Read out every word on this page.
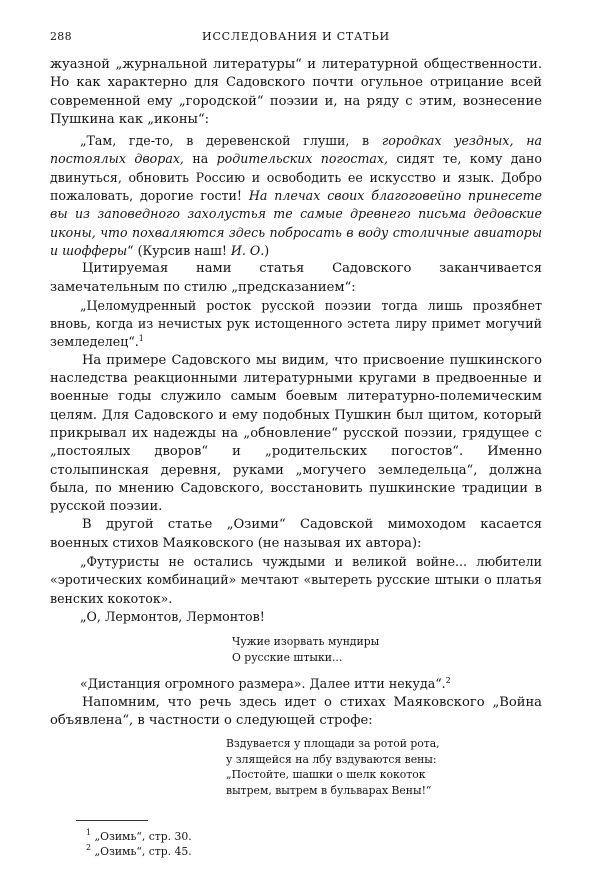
288	ИССЛЕДОВАНИЯ И СТАТЬИ

жуазной „журнальной литературы“ и литературной общественности. Но как характерно для Садовского почти огульное отрицание всей современной ему „городской“ поэзии и, на ряду с этим, вознесение Пушкина как „иконы“:

„Там, где-то, в деревенской глуши, в городках уездных, на постоялых дворах, на родительских погостах, сидят те, кому дано двинуться, обновить Россию и освободить ее искусство и язык. Добро пожаловать, дорогие гости! На плечах своих благоговейно принесете вы из заповедного захолустья те самые древнего письма дедовские иконы, что похваляются здесь побросать в воду столичные авиаторы и шофферы“ (Курсив наш! И. О.)

Цитируемая нами статья Садовского заканчивается замечательным по стилю „предсказанием“:

„Целомудренный росток русской поэзии тогда лишь прозябнет вновь, когда из нечистых рук истощенного эстета лиру примет могучий земледелец“.$^1$

На примере Садовского мы видим, что присвоение пушкинского наследства реакционными литературными кругами в предвоенные и военные годы служило самым боевым литературно-полемическим целям. Для Садовского и ему подобных Пушкин был щитом, который прикрывал их надежды на „обновление“ русской поэзии, грядущее с „постоялых дворов“ и „родительских погостов“. Именно столыпинская деревня, руками „могучего земледельца“, должна была, по мнению Садовского, восстановить пушкинские традиции в русской поэзии.

В другой статье „Озими“ Садовской мимоходом касается военных стихов Маяковского (не называя их автора):

„Футуристы не остались чуждыми и великой войне... любители «эротических комбинаций» мечтают «вытереть русские штыки о платья венских кокоток».

„О, Лермонтов, Лермонтов!

Чужие изорвать мундиры
О русские штыки...

«Дистанция огромного размера». Далее итти некуда“.$^2$

Напомним, что речь здесь идет о стихах Маяковского „Война объявлена“, в частности о следующей строфе:

Вздувается у площади за ротой рота,
у злящейся на лбу вздуваются вены:
„Постойте, шашки о шелк кокоток
вытрем, вытрем в бульварах Вены!“
$^1$ „Озимь“, стр. 30.
$^2$ „Озимь“, стр. 45.
